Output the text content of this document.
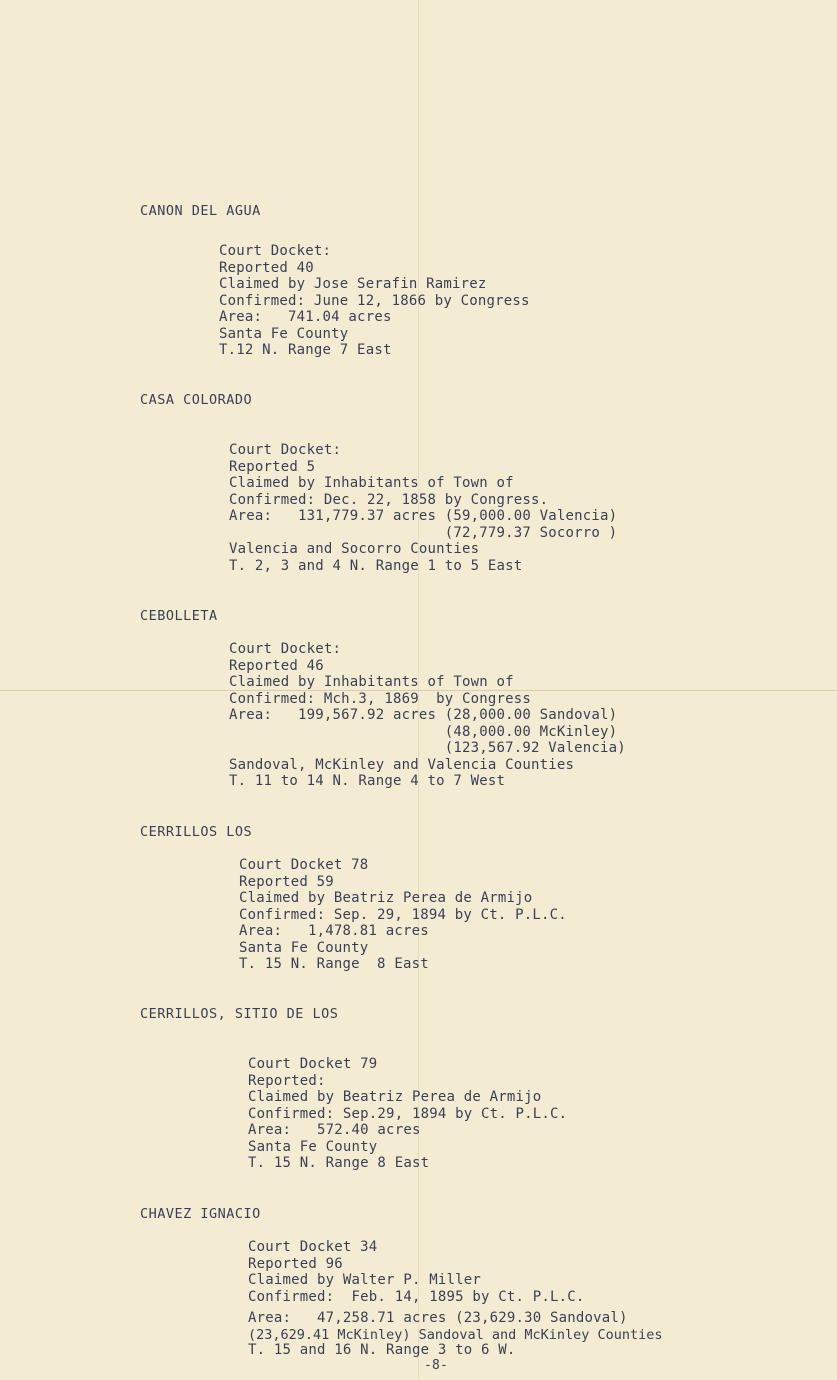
CANON DEL AGUA
Court Docket:
Reported 40
Claimed by Jose Serafin Ramirez
Confirmed: June 12, 1866 by Congress
Area:   741.04 acres
Santa Fe County
T.12 N. Range 7 East
CASA COLORADO
Court Docket:
Reported 5
Claimed by Inhabitants of Town of
Confirmed: Dec. 22, 1858 by Congress.
Area:   131,779.37 acres (59,000.00 Valencia)
(72,779.37 Socorro )
Valencia and Socorro Counties
T. 2, 3 and 4 N. Range 1 to 5 East
CEBOLLETA
Court Docket:
Reported 46
Claimed by Inhabitants of Town of
Confirmed: Mch.3, 1869  by Congress
Area:   199,567.92 acres (28,000.00 Sandoval)
(48,000.00 McKinley)
(123,567.92 Valencia)
Sandoval, McKinley and Valencia Counties
T. 11 to 14 N. Range 4 to 7 West
CERRILLOS LOS
Court Docket 78
Reported 59
Claimed by Beatriz Perea de Armijo
Confirmed: Sep. 29, 1894 by Ct. P.L.C.
Area:   1,478.81 acres
Santa Fe County
T. 15 N. Range  8 East
CERRILLOS, SITIO DE LOS
Court Docket 79
Reported:
Claimed by Beatriz Perea de Armijo
Confirmed: Sep.29, 1894 by Ct. P.L.C.
Area:   572.40 acres
Santa Fe County
T. 15 N. Range 8 East
CHAVEZ IGNACIO
Court Docket 34
Reported 96
Claimed by Walter P. Miller
Confirmed:  Feb. 14, 1895 by Ct. P.L.C.
Area:   47,258.71 acres (23,629.30 Sandoval)
(23,629.41 McKinley) Sandoval and McKinley Counties
T. 15 and 16 N. Range 3 to 6 W.
-8-
